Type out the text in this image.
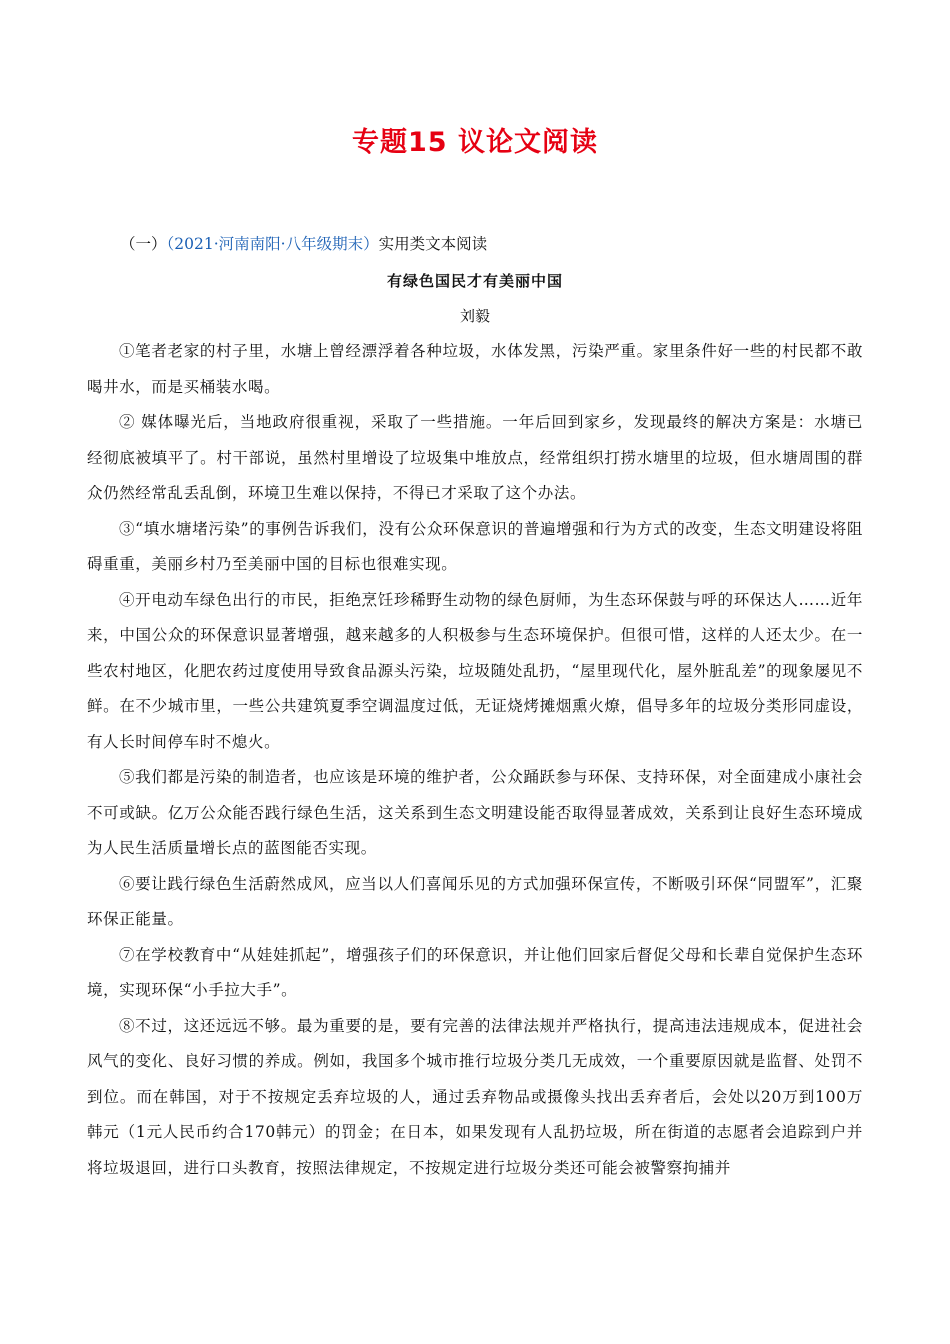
专题15 议论文阅读
（一）（2021·河南南阳·八年级期末）实用类文本阅读
有绿色国民才有美丽中国
刘毅

①笔者老家的村子里，水塘上曾经漂浮着各种垃圾，水体发黑，污染严重。家里条件好一些的村民都不敢喝井水，而是买桶装水喝。

② 媒体曝光后，当地政府很重视，采取了一些措施。一年后回到家乡，发现最终的解决方案是：水塘已经彻底被填平了。村干部说，虽然村里增设了垃圾集中堆放点，经常组织打捞水塘里的垃圾，但水塘周围的群众仍然经常乱丢乱倒，环境卫生难以保持，不得已才采取了这个办法。

③“填水塘堵污染”的事例告诉我们，没有公众环保意识的普遍增强和行为方式的改变，生态文明建设将阻碍重重，美丽乡村乃至美丽中国的目标也很难实现。

④开电动车绿色出行的市民，拒绝烹饪珍稀野生动物的绿色厨师，为生态环保鼓与呼的环保达人……近年来，中国公众的环保意识显著增强，越来越多的人积极参与生态环境保护。但很可惜，这样的人还太少。在一些农村地区，化肥农药过度使用导致食品源头污染，垃圾随处乱扔，“屋里现代化，屋外脏乱差”的现象屡见不鲜。在不少城市里，一些公共建筑夏季空调温度过低，无证烧烤摊烟熏火燎，倡导多年的垃圾分类形同虚设，有人长时间停车时不熄火。

⑤我们都是污染的制造者，也应该是环境的维护者，公众踊跃参与环保、支持环保，对全面建成小康社会不可或缺。亿万公众能否践行绿色生活，这关系到生态文明建设能否取得显著成效，关系到让良好生态环境成为人民生活质量增长点的蓝图能否实现。

⑥要让践行绿色生活蔚然成风，应当以人们喜闻乐见的方式加强环保宣传，不断吸引环保“同盟军”，汇聚环保正能量。

⑦在学校教育中“从娃娃抓起”，增强孩子们的环保意识，并让他们回家后督促父母和长辈自觉保护生态环境，实现环保“小手拉大手”。

⑧不过，这还远远不够。最为重要的是，要有完善的法律法规并严格执行，提高违法违规成本，促进社会风气的变化、良好习惯的养成。例如，我国多个城市推行垃圾分类几无成效，一个重要原因就是监督、处罚不到位。而在韩国，对于不按规定丢弃垃圾的人，通过丢弃物品或摄像头找出丢弃者后，会处以20万到100万韩元（1元人民币约合170韩元）的罚金；在日本，如果发现有人乱扔垃圾，所在街道的志愿者会追踪到户并将垃圾退回，进行口头教育，按照法律规定，不按规定进行垃圾分类还可能会被警察拘捕并
